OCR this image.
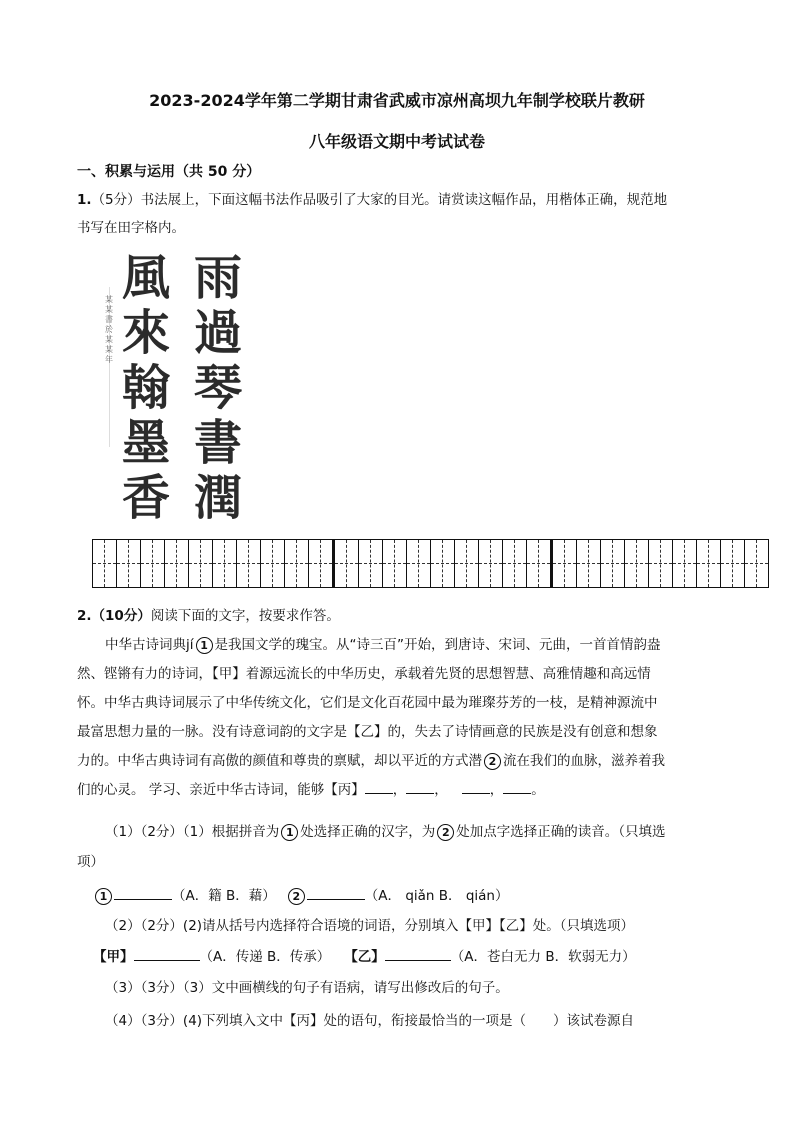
2023-2024学年第二学期甘肃省武威市凉州高坝九年制学校联片教研
八年级语文期中考试试卷
一、积累与运用（共 50 分）
1.（5分）书法展上，下面这幅书法作品吸引了大家的目光。请赏读这幅作品，用楷体正确，规范地
书写在田字格内。
某某書於某某年
風
來
翰
墨
香
雨
過
琴
書
潤
2.（10分）阅读下面的文字，按要求作答。
中华古诗词典jí 1 是我国文学的瑰宝。从“诗三百”开始，到唐诗、宋词、元曲，一首首情韵盎
然、铿锵有力的诗词，【甲】着源远流长的中华历史，承载着先贤的思想智慧、高雅情趣和高远情
怀。中华古典诗词展示了中华传统文化，它们是文化百花园中最为璀璨芬芳的一枝，是精神源流中
最富思想力量的一脉。没有诗意词韵的文字是【乙】的，失去了诗情画意的民族是没有创意和想象
力的。中华古典诗词有高傲的颜值和尊贵的禀赋，却以平近的方式潜 2 流在我们的血脉，滋养着我
们的心灵。 学习、亲近中华古诗词，能够【丙】 ， ，	， 。
（1）（2分）（1）根据拼音为 1 处选择正确的汉字，为 2 处加点字选择正确的读音。（只填选
项）
1	（A．籍 B．藉） 2	（A． qiǎn B． qián）
（2）（2分）(2)请从括号内选择符合语境的词语，分别填入【甲】【乙】处。（只填选项）
【甲】	（A．传递 B．传承） 【乙】	（A．苍白无力 B．软弱无力）
（3）（3分）（3）文中画横线的句子有语病，请写出修改后的句子。
（4）（3分）(4)下列填入文中【丙】处的语句，衔接最恰当的一项是（　　）该试卷源自
